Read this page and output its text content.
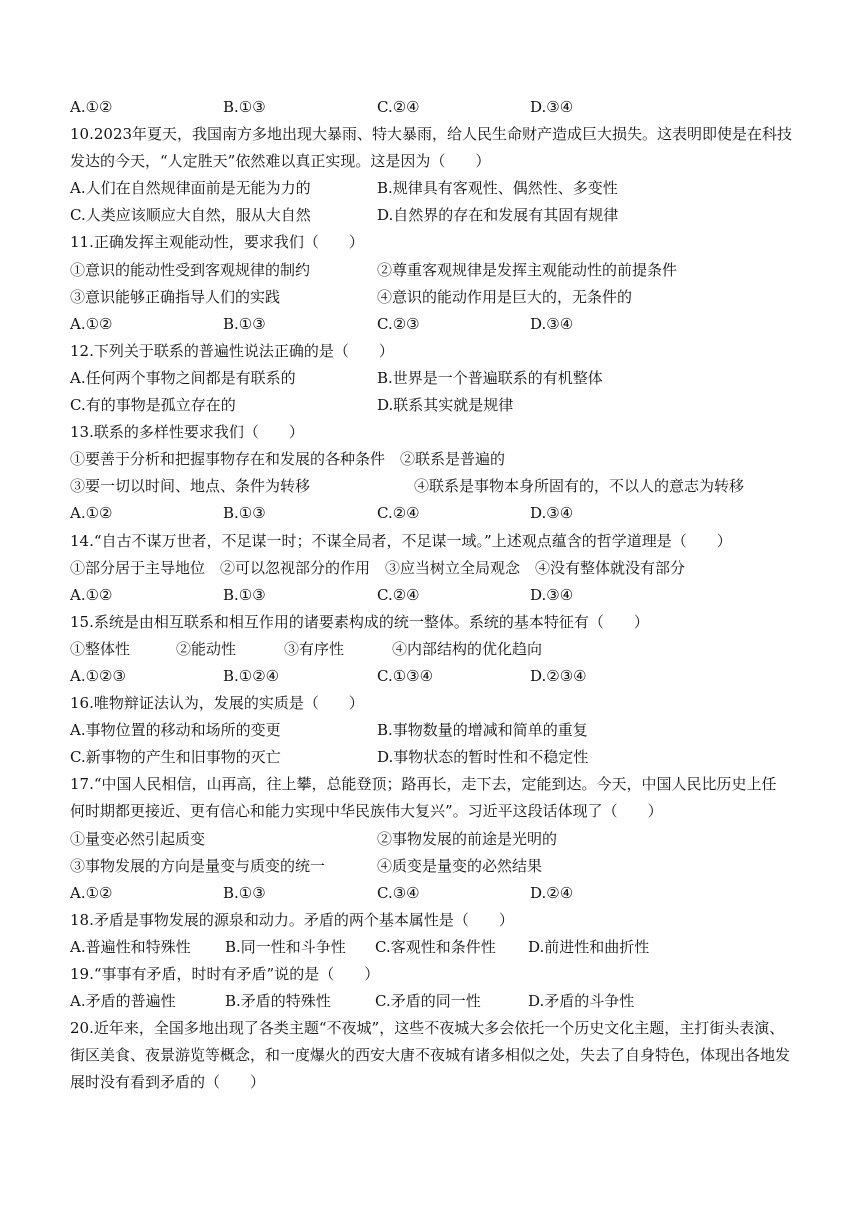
A.①②	B.①③	C.②④	D.③④
10.2023年夏天，我国南方多地出现大暴雨、特大暴雨，给人民生命财产造成巨大损失。这表明即使是在科技
发达的今天，“人定胜天”依然难以真正实现。这是因为（　　）
A.人们在自然规律面前是无能为力的	B.规律具有客观性、偶然性、多变性
C.人类应该顺应大自然，服从大自然	D.自然界的存在和发展有其固有规律
11.正确发挥主观能动性，要求我们（　　）
①意识的能动性受到客观规律的制约	②尊重客观规律是发挥主观能动性的前提条件
③意识能够正确指导人们的实践	④意识的能动作用是巨大的，无条件的
A.①②	B.①③	C.②③	D.③④
12.下列关于联系的普遍性说法正确的是（　　）
A.任何两个事物之间都是有联系的	B.世界是一个普遍联系的有机整体
C.有的事物是孤立存在的	D.联系其实就是规律
13.联系的多样性要求我们（　　）
①要善于分析和把握事物存在和发展的各种条件　②联系是普遍的
③要一切以时间、地点、条件为转移	④联系是事物本身所固有的，不以人的意志为转移
A.①②	B.①③	C.②④	D.③④
14.“自古不谋万世者，不足谋一时；不谋全局者，不足谋一域。”上述观点蕴含的哲学道理是（　　）
①部分居于主导地位　②可以忽视部分的作用　③应当树立全局观念　④没有整体就没有部分
A.①②	B.①③	C.②④	D.③④
15.系统是由相互联系和相互作用的诸要素构成的统一整体。系统的基本特征有（　　）
①整体性	②能动性	③有序性	④内部结构的优化趋向
A.①②③	B.①②④	C.①③④	D.②③④
16.唯物辩证法认为，发展的实质是（　　）
A.事物位置的移动和场所的变更	B.事物数量的增减和简单的重复
C.新事物的产生和旧事物的灭亡	D.事物状态的暂时性和不稳定性
17.“中国人民相信，山再高，往上攀，总能登顶；路再长，走下去，定能到达。今天，中国人民比历史上任
何时期都更接近、更有信心和能力实现中华民族伟大复兴”。习近平这段话体现了（　　）
①量变必然引起质变	②事物发展的前途是光明的
③事物发展的方向是量变与质变的统一	④质变是量变的必然结果
A.①②	B.①③	C.③④	D.②④
18.矛盾是事物发展的源泉和动力。矛盾的两个基本属性是（　　）
A.普遍性和特殊性 B.同一性和斗争性 C.客观性和条件性 D.前进性和曲折性
19.“事事有矛盾，时时有矛盾”说的是（　　）
A.矛盾的普遍性	B.矛盾的特殊性	C.矛盾的同一性	D.矛盾的斗争性
20.近年来，全国多地出现了各类主题“不夜城”，这些不夜城大多会依托一个历史文化主题，主打街头表演、
街区美食、夜景游览等概念，和一度爆火的西安大唐不夜城有诸多相似之处，失去了自身特色，体现出各地发
展时没有看到矛盾的（　　）
